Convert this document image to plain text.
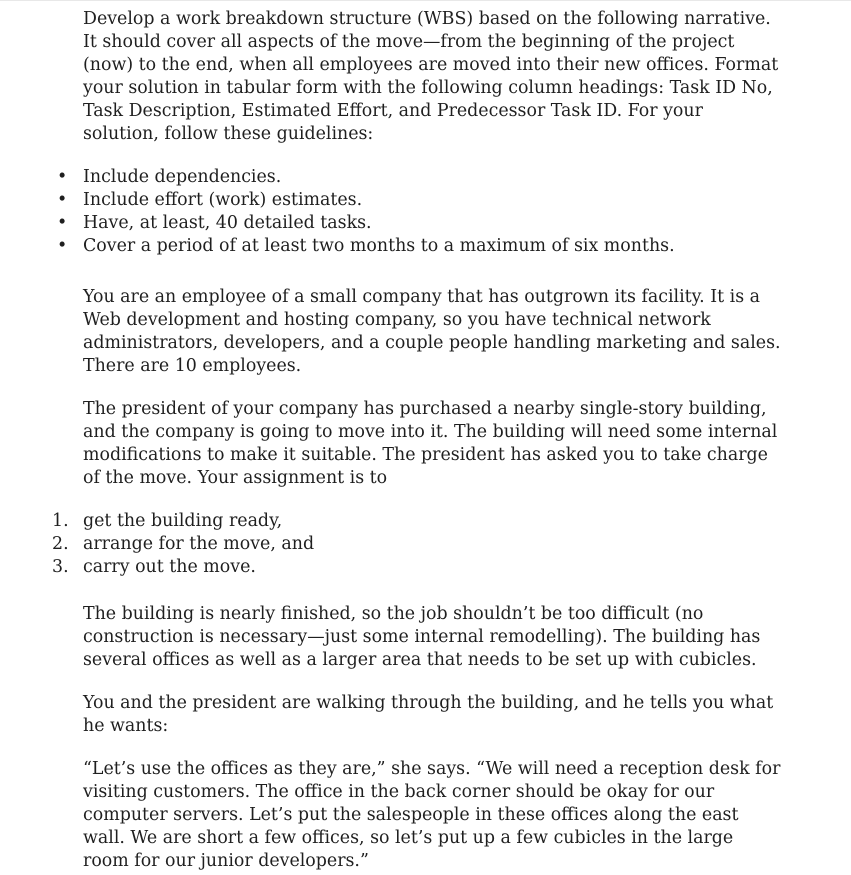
Develop a work breakdown structure (WBS) based on the following narrative. It should cover all aspects of the move—from the beginning of the project (now) to the end, when all employees are moved into their new offices. Format your solution in tabular form with the following column headings: Task ID No, Task Description, Estimated Effort, and Predecessor Task ID. For your solution, follow these guidelines:

• Include dependencies.
• Include effort (work) estimates.
• Have, at least, 40 detailed tasks.
• Cover a period of at least two months to a maximum of six months.

You are an employee of a small company that has outgrown its facility. It is a Web development and hosting company, so you have technical network administrators, developers, and a couple people handling marketing and sales. There are 10 employees.

The president of your company has purchased a nearby single-story building, and the company is going to move into it. The building will need some internal modifications to make it suitable. The president has asked you to take charge of the move. Your assignment is to

1. get the building ready,
2. arrange for the move, and
3. carry out the move.

The building is nearly finished, so the job shouldn’t be too difficult (no construction is necessary—just some internal remodelling). The building has several offices as well as a larger area that needs to be set up with cubicles.

You and the president are walking through the building, and he tells you what he wants:

“Let’s use the offices as they are,” she says. “We will need a reception desk for visiting customers. The office in the back corner should be okay for our computer servers. Let’s put the salespeople in these offices along the east wall. We are short a few offices, so let’s put up a few cubicles in the large room for our junior developers.”
